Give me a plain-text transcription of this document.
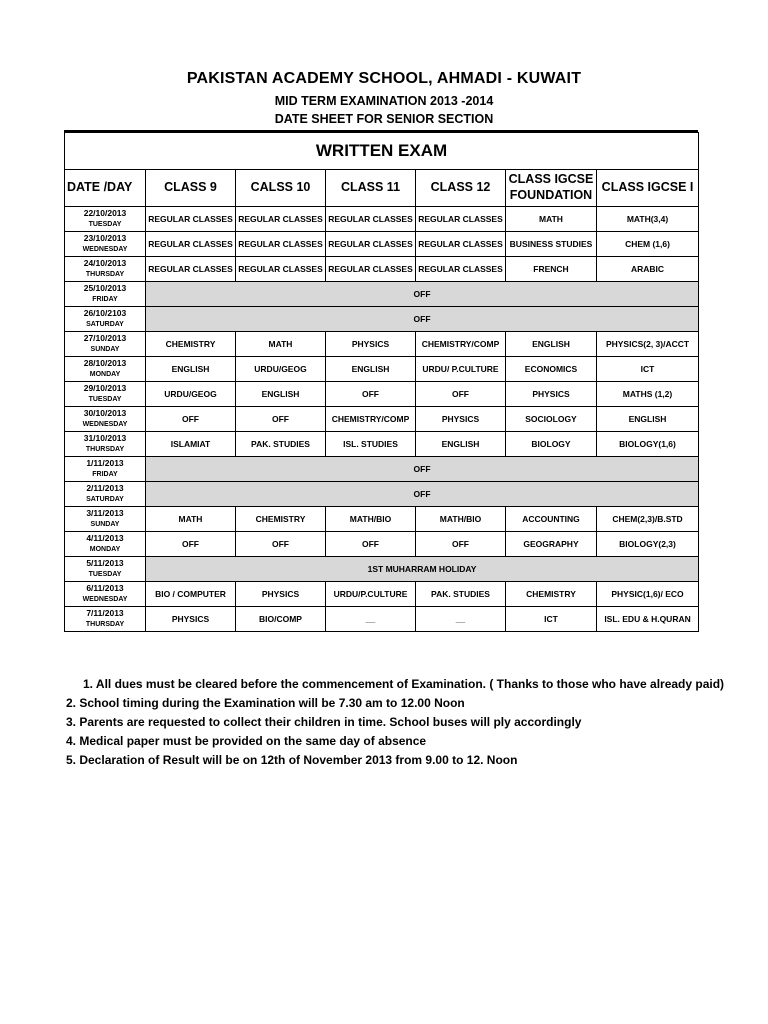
PAKISTAN ACADEMY SCHOOL, AHMADI - KUWAIT
MID TERM EXAMINATION 2013 -2014
DATE SHEET FOR SENIOR SECTION
WRITTEN EXAM						
DATE /DAY	CLASS 9	CALSS 10	CLASS 11	CLASS 12	CLASS IGCSE FOUNDATION	CLASS IGCSE I

22/10/2013
TUESDAY	REGULAR CLASSES	REGULAR CLASSES	REGULAR CLASSES	REGULAR CLASSES	MATH	MATH(3,4)

23/10/2013
WEDNESDAY	REGULAR CLASSES	REGULAR CLASSES	REGULAR CLASSES	REGULAR CLASSES	BUSINESS STUDIES	CHEM (1,6)

24/10/2013
THURSDAY	REGULAR CLASSES	REGULAR CLASSES	REGULAR CLASSES	REGULAR CLASSES	FRENCH	ARABIC

25/10/2013
FRIDAY	OFF					

26/10/2103
SATURDAY	OFF					

27/10/2013
SUNDAY	CHEMISTRY	MATH	PHYSICS	CHEMISTRY/COMP	ENGLISH	PHYSICS(2, 3)/ACCT

28/10/2013
MONDAY	ENGLISH	URDU/GEOG	ENGLISH	URDU/ P.CULTURE	ECONOMICS	ICT

29/10/2013
TUESDAY	URDU/GEOG	ENGLISH	OFF	OFF	PHYSICS	MATHS (1,2)

30/10/2013
WEDNESDAY	OFF	OFF	CHEMISTRY/COMP	PHYSICS	SOCIOLOGY	ENGLISH

31/10/2013
THURSDAY	ISLAMIAT	PAK. STUDIES	ISL. STUDIES	ENGLISH	BIOLOGY	BIOLOGY(1,6)

1/11/2013
FRIDAY	OFF					

2/11/2013
SATURDAY	OFF					

3/11/2013
SUNDAY	MATH	CHEMISTRY	MATH/BIO	MATH/BIO	ACCOUNTING	CHEM(2,3)/B.STD

4/11/2013
MONDAY	OFF	OFF	OFF	OFF	GEOGRAPHY	BIOLOGY(2,3)

5/11/2013
TUESDAY	1ST MUHARRAM HOLIDAY					

6/11/2013
WEDNESDAY	BIO / COMPUTER	PHYSICS	URDU/P.CULTURE	PAK. STUDIES	CHEMISTRY	PHYSIC(1,6)/ ECO

7/11/2013
THURSDAY	PHYSICS	BIO/COMP	__	__	ICT	ISL. EDU & H.QURAN
1. All dues must be cleared before the commencement of Examination. ( Thanks to those who have already paid)
2. School timing during the Examination will be 7.30 am to 12.00 Noon
3. Parents are requested to collect their children in time. School buses will ply accordingly
4. Medical paper must be provided on the same day of absence
5. Declaration of Result will be on 12th of November 2013 from 9.00 to 12. Noon
